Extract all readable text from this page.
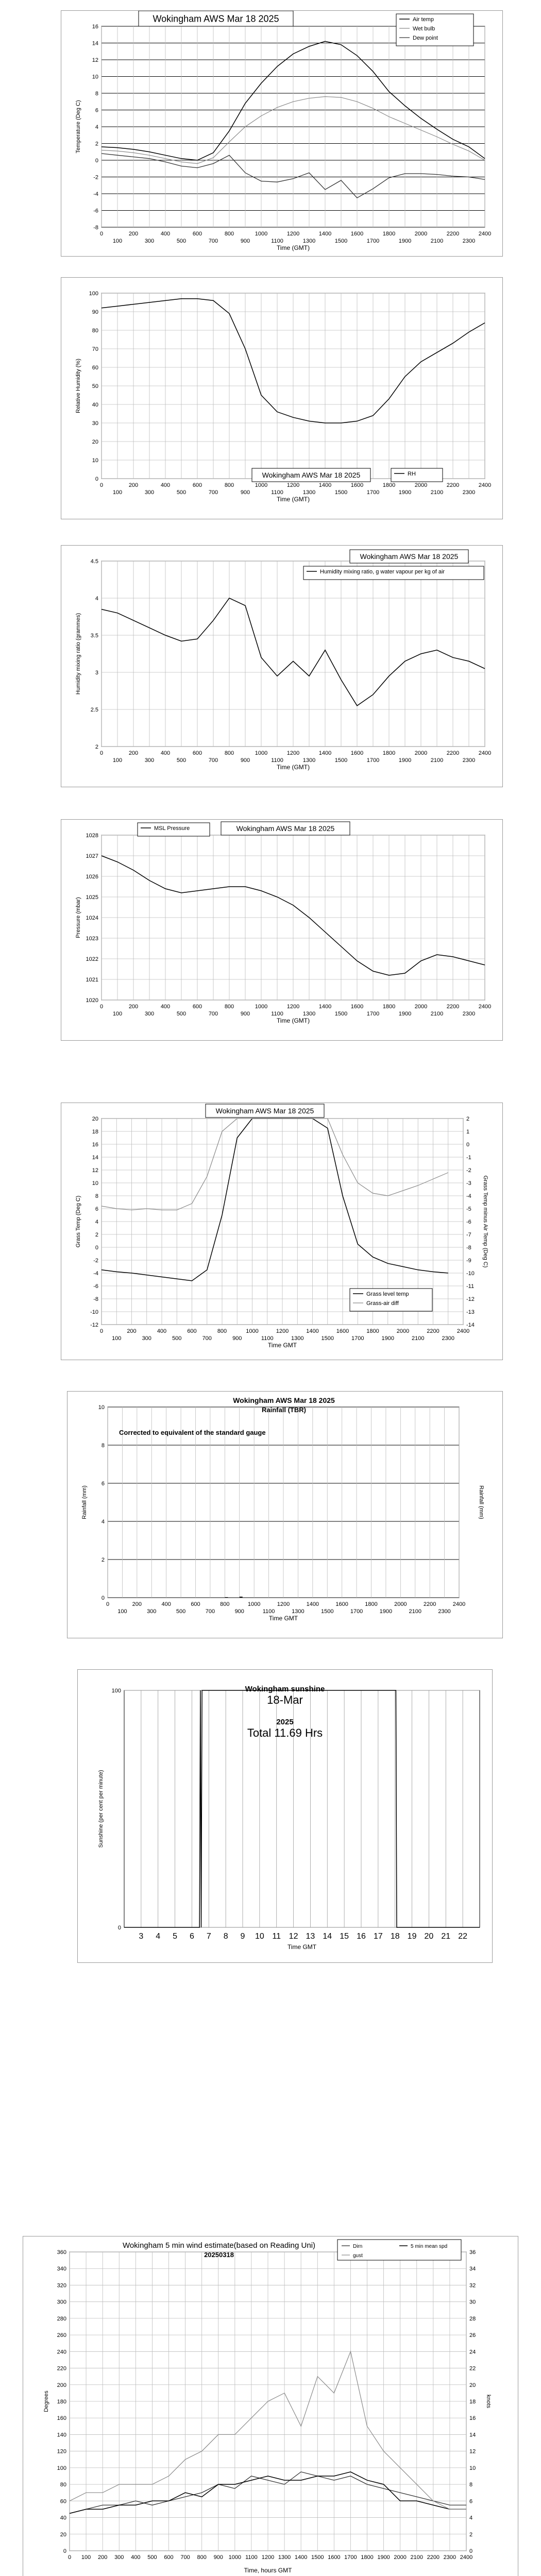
-8
-6
-4
-2
0
2
4
6
8
10
12
14
16
0	200	400	600	800	1000	1200	1400	1600	1800	2000	2200	2400
100	300	500	700	900	1100	1300	1500	1700	1900	2100	2300
Time (GMT)
Temperature (Deg C)
Wokingham AWS Mar 18 2025	Air temp
Wet bulb
Dew point
0
10
20
30
40
50
60
70
80
90
100
0	200	400	600	800	1000	1200	1400	1600	1800	2000	2200	2400
100	300	500	700	900	1100	1300	1500	1700	1900	2100	2300
Time (GMT)
Relative Humidity (%)
Wokingham AWS Mar 18 2025	RH
2
2.5
3
3.5
4
4.5
0	200	400	600	800	1000	1200	1400	1600	1800	2000	2200	2400
100	300	500	700	900	1100	1300	1500	1700	1900	2100	2300
Time (GMT)
Humidity mixing ratio (grammes)
Wokingham AWS Mar 18 2025
Humidity mixing ratio, g water vapour per kg of air
1020
1021
1022
1023
1024
1025
1026
1027
1028
0	200	400	600	800	1000	1200	1400	1600	1800	2000	2200	2400
100	300	500	700	900	1100	1300	1500	1700	1900	2100	2300
Time (GMT)
Pressure (mbar)
MSL Pressure	Wokingham AWS Mar 18 2025
-12
-10
-8
-6
-4
-2
0
2
4
6
8
10
12
14
16
18
20
-14
-13
-12
-11
-10
-9
-8
-7
-6
-5
-4
-3
-2
-1
0
1
2
0	200	400	600	800	1000	1200	1400	1600	1800	2000	2200	2400
100	300	500	700	900	1100	1300	1500	1700	1900	2100	2300
Time GMT
Grass Temp (Deg C)	Grass Temp minus Air Temp (Deg C)
Wokingham AWS Mar 18 2025
Grass level temp
Grass-air diff
0
2
4
6
8
10
0	200	400	600	800	1000	1200	1400	1600	1800	2000	2200	2400
100	300	500	700	900	1100	1300	1500	1700	1900	2100	2300
Time GMT
Rainfall (mm)	Rainfall (mm)
Wokingham AWS Mar 18 2025
Rainfall (TBR)
Corrected to equivalent of the standard gauge
0
100
3 4 5 6 7 8 9 10 11 12 13 14 15 16 17 18 19 20 21 22
Time GMT
Sunshine (per cent per minute)
Wokingham sunshine
18-Mar
2025
Total 11.69 Hrs
0
20
40
60
80
100
120
140
160
180
200
220
240
260
280
300
320
340
360
0
2
4
6
8
10
12
14
16
18
20
22
24
26
28
30
32
34
36
0 100 200 300 400 500 600 700 800 900 1000 1100 1200 1300 1400 1500 1600 1700 1800 1900 2000 2100 2200 2300 2400
Time, hours GMT
Degrees	knots
Wokingham 5 min wind estimate(based on Reading Uni)
20250318
Dirn	5 min mean spd
gust
